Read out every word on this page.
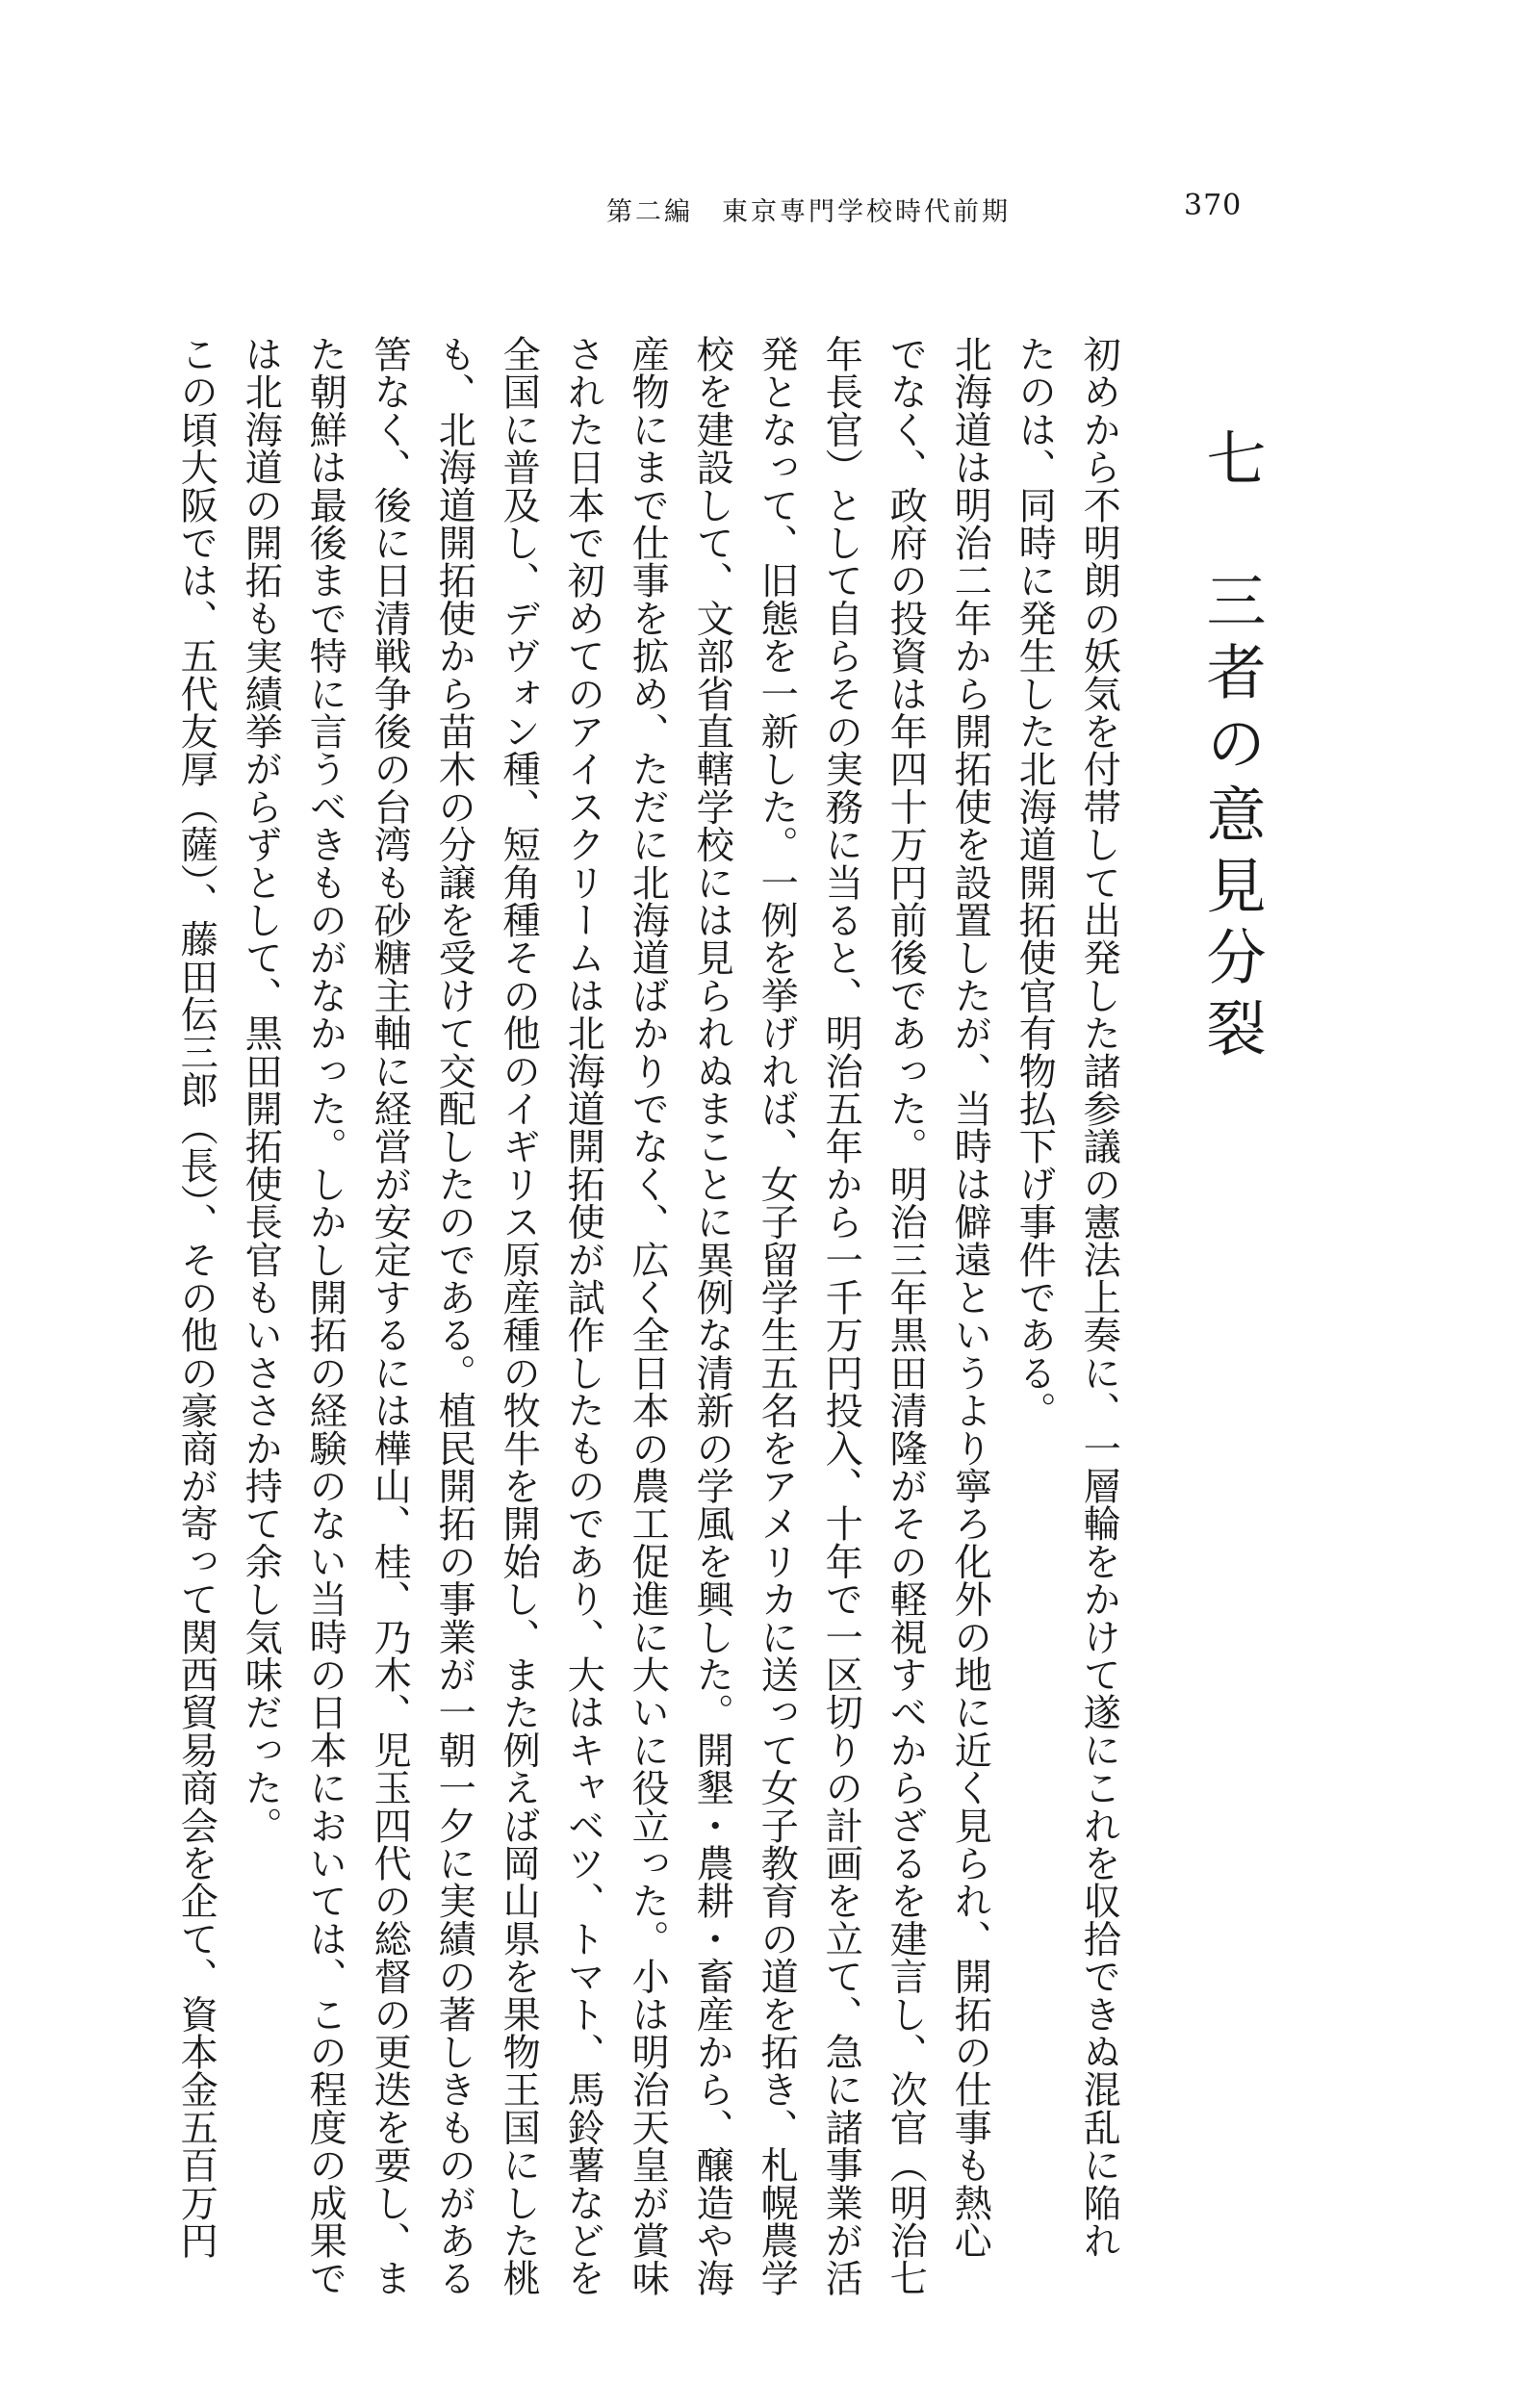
第二編　東京専門学校時代前期	370
七　三者の意見分裂
初めから不明朗の妖気を付帯して出発した諸参議の憲法上奏に、一層輪をかけて遂にこれを収拾できぬ混乱に陥れ
たのは、同時に発生した北海道開拓使官有物払下げ事件である。
北海道は明治二年から開拓使を設置したが、当時は僻遠というより寧ろ化外の地に近く見られ、開拓の仕事も熱心
でなく、政府の投資は年四十万円前後であった。明治三年黒田清隆がその軽視すべからざるを建言し、次官（明治七
年長官）として自らその実務に当ると、明治五年から一千万円投入、十年で一区切りの計画を立て、急に諸事業が活
発となって、旧態を一新した。一例を挙げれば、女子留学生五名をアメリカに送って女子教育の道を拓き、札幌農学
校を建設して、文部省直轄学校には見られぬまことに異例な清新の学風を興した。開墾・農耕・畜産から、醸造や海
産物にまで仕事を拡め、ただに北海道ばかりでなく、広く全日本の農工促進に大いに役立った。小は明治天皇が賞味
された日本で初めてのアイスクリームは北海道開拓使が試作したものであり、大はキャベツ、トマト、馬鈴薯などを
全国に普及し、デヴォン種、短角種その他のイギリス原産種の牧牛を開始し、また例えば岡山県を果物王国にした桃
も、北海道開拓使から苗木の分譲を受けて交配したのである。植民開拓の事業が一朝一夕に実績の著しきものがある
筈なく、後に日清戦争後の台湾も砂糖主軸に経営が安定するには樺山、桂、乃木、児玉四代の総督の更迭を要し、ま
た朝鮮は最後まで特に言うべきものがなかった。しかし開拓の経験のない当時の日本においては、この程度の成果で
は北海道の開拓も実績挙がらずとして、黒田開拓使長官もいささか持て余し気味だった。
この頃大阪では、五代友厚（薩）、藤田伝三郎（長）、その他の豪商が寄って関西貿易商会を企て、資本金五百万円
